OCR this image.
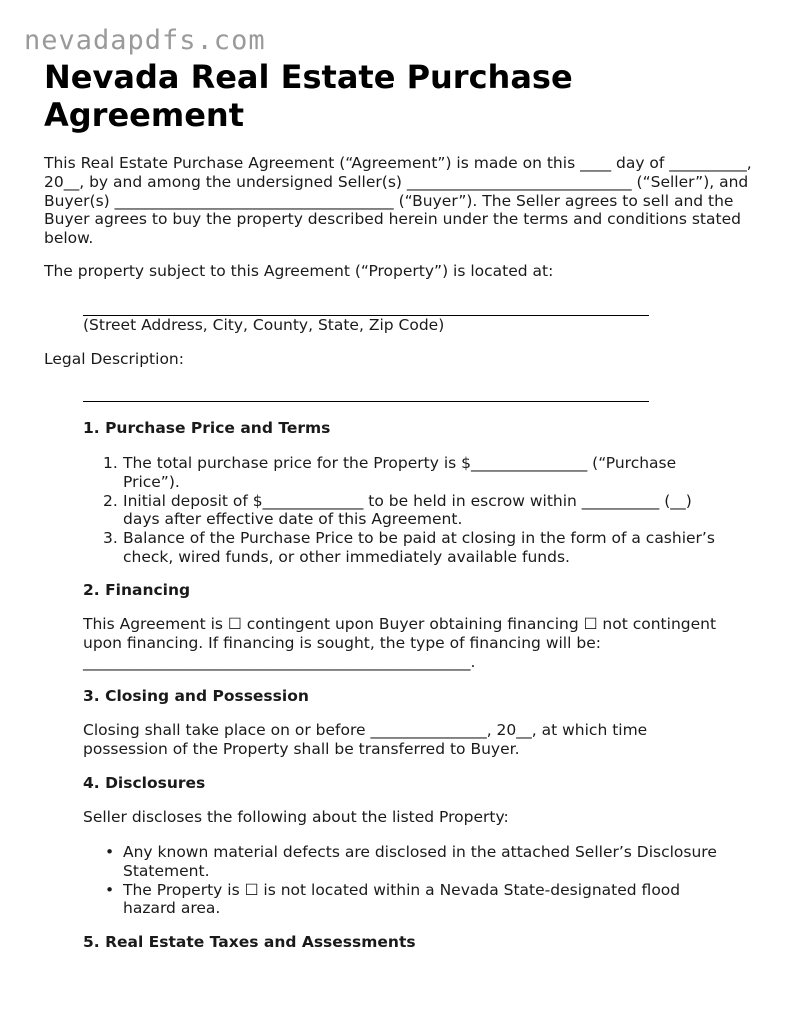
nevadapdfs.com
Nevada Real Estate Purchase Agreement

This Real Estate Purchase Agreement (“Agreement”) is made on this ____ day of __________, 20__, by and among the undersigned Seller(s) _____________________________ (“Seller”), and Buyer(s) ____________________________________ (“Buyer”). The Seller agrees to sell and the Buyer agrees to buy the property described herein under the terms and conditions stated below.

The property subject to this Agreement (“Property”) is located at:

(Street Address, City, County, State, Zip Code)

Legal Description:

1. Purchase Price and Terms
1. The total purchase price for the Property is $_______________ (“Purchase Price”).
2. Initial deposit of $_____________ to be held in escrow within __________ (__) days after effective date of this Agreement.
3. Balance of the Purchase Price to be paid at closing in the form of a cashier’s check, wired funds, or other immediately available funds.
2. Financing

This Agreement is ☐ contingent upon Buyer obtaining financing ☐ not contingent upon financing. If financing is sought, the type of financing will be: __________________________________________________.

3. Closing and Possession

Closing shall take place on or before _______________, 20__, at which time possession of the Property shall be transferred to Buyer.

4. Disclosures

Seller discloses the following about the listed Property:

• Any known material defects are disclosed in the attached Seller’s Disclosure Statement.
• The Property is ☐ is not located within a Nevada State-designated flood hazard area.
5. Real Estate Taxes and Assessments
